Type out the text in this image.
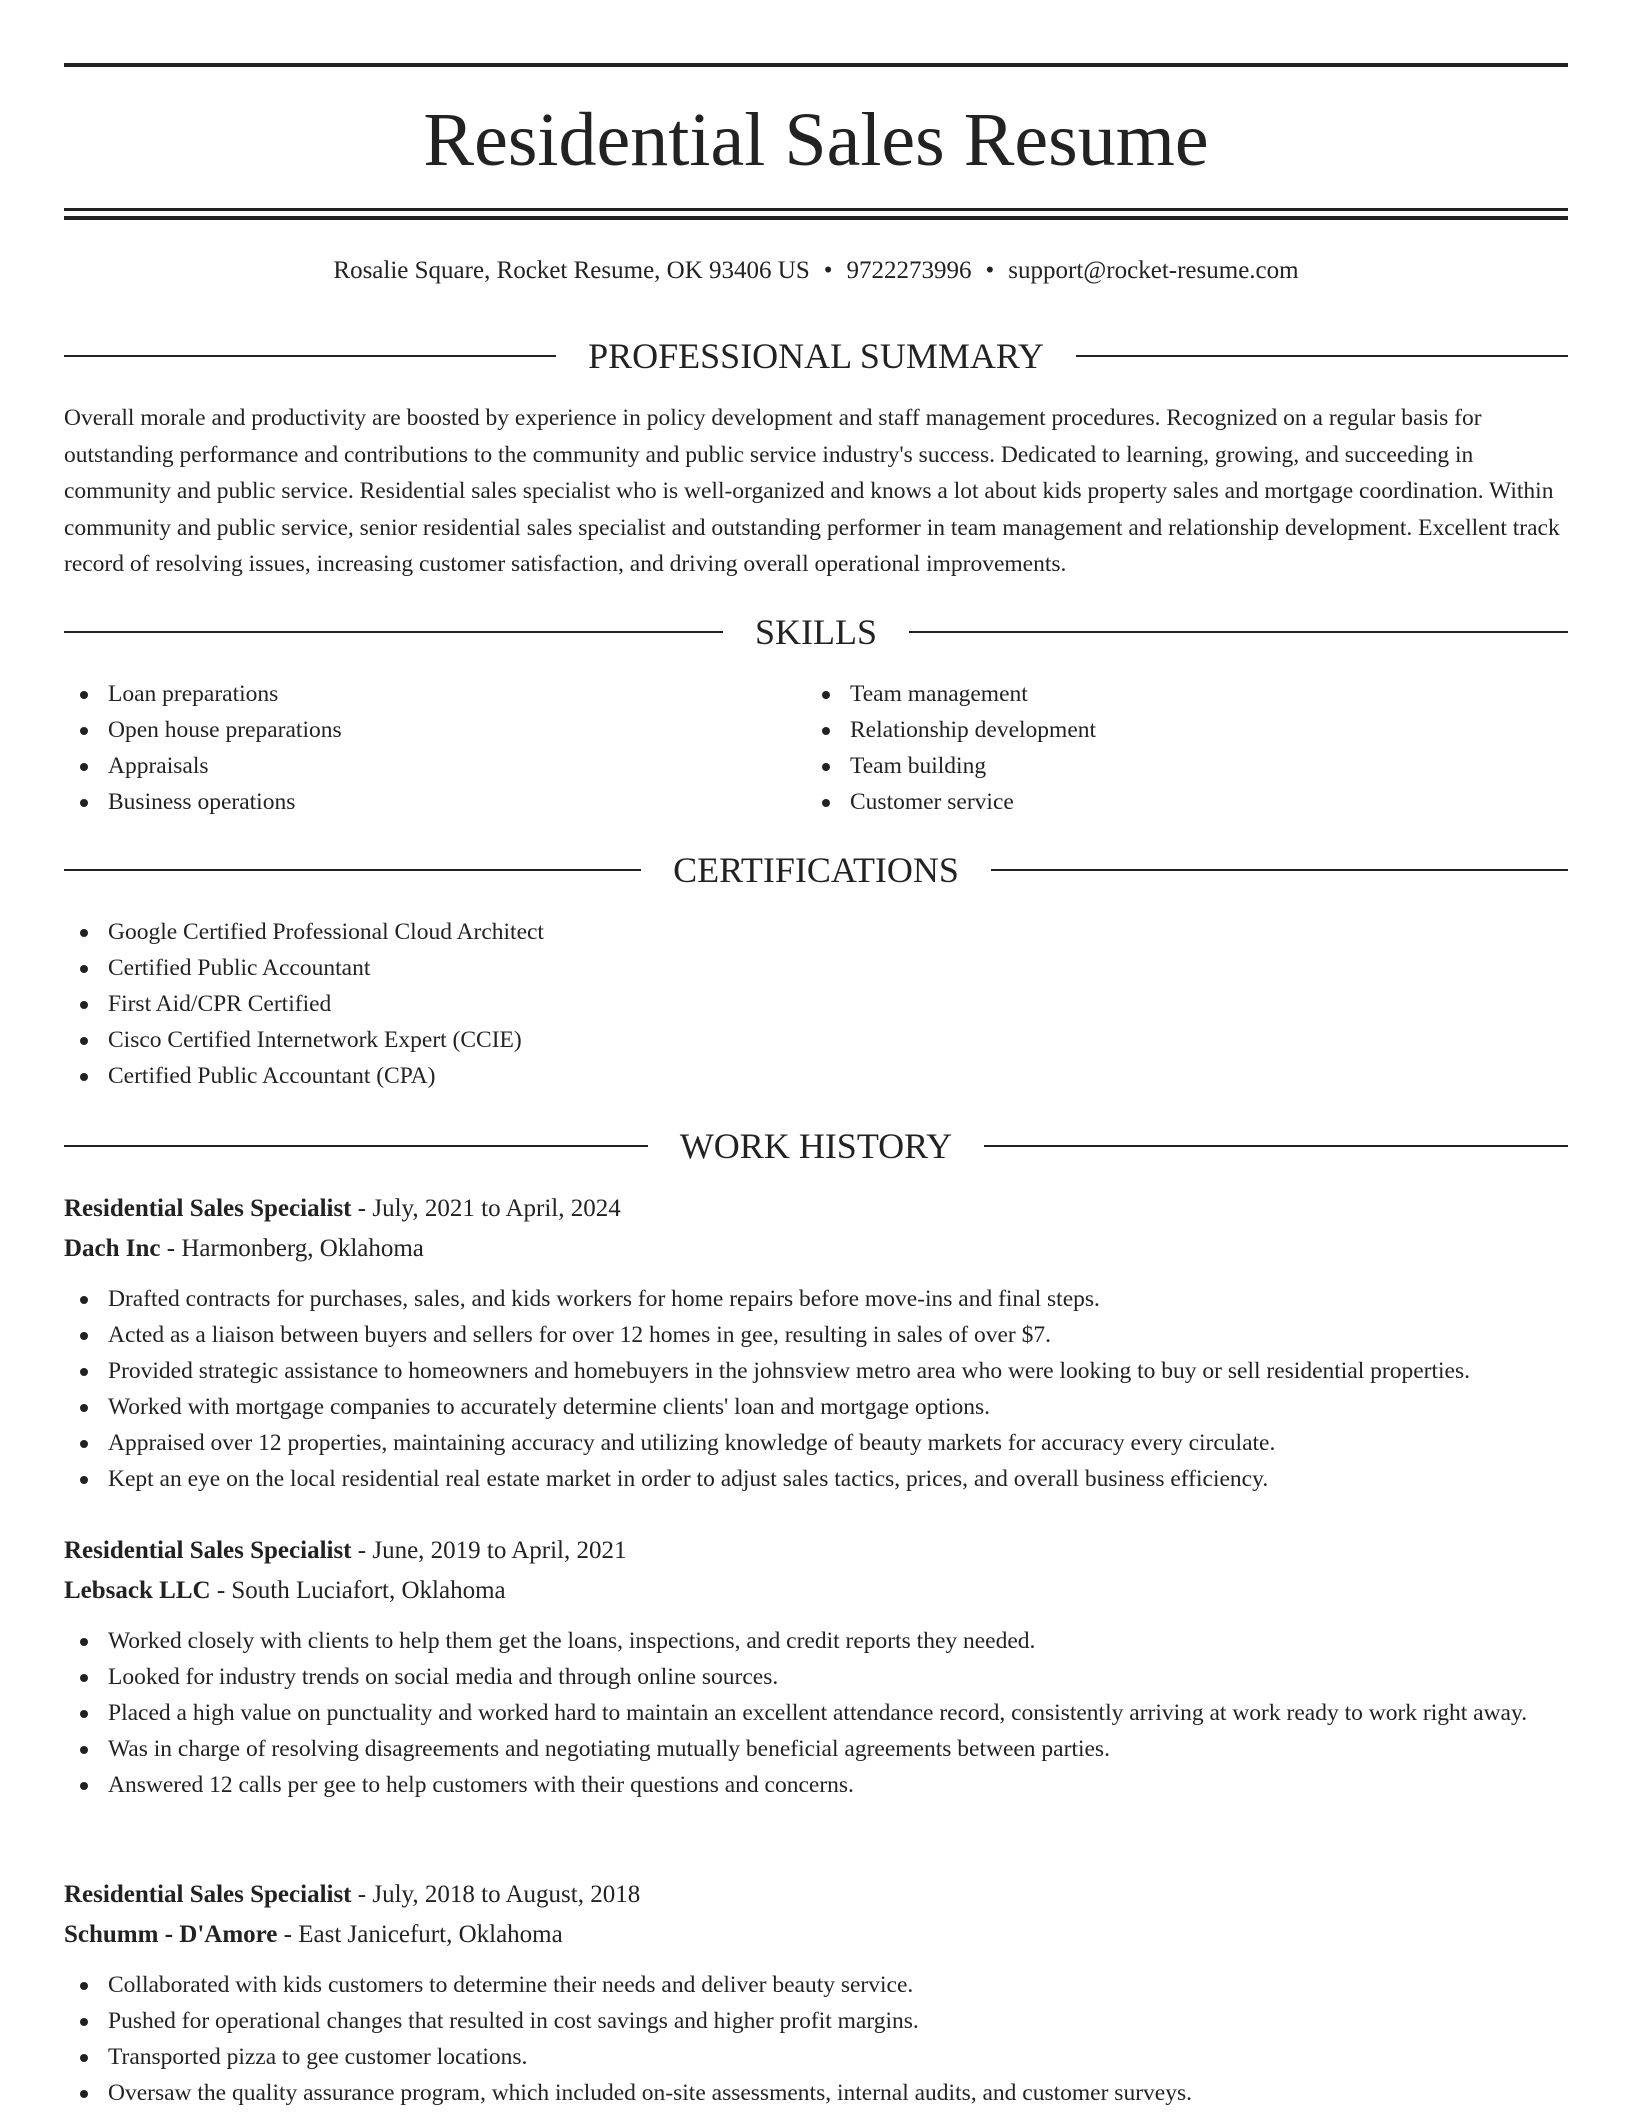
Residential Sales Resume
Rosalie Square, Rocket Resume, OK 93406 US • 9722273996 • support@rocket-resume.com
PROFESSIONAL SUMMARY

Overall morale and productivity are boosted by experience in policy development and staff management procedures. Recognized on a regular basis for outstanding performance and contributions to the community and public service industry's success. Dedicated to learning, growing, and succeeding in community and public service. Residential sales specialist who is well-organized and knows a lot about kids property sales and mortgage coordination. Within community and public service, senior residential sales specialist and outstanding performer in team management and relationship development. Excellent track record of resolving issues, increasing customer satisfaction, and driving overall operational improvements.

SKILLS
Loan preparations
Open house preparations
Appraisals
Business operations
Team management
Relationship development
Team building
Customer service
CERTIFICATIONS
Google Certified Professional Cloud Architect
Certified Public Accountant
First Aid/CPR Certified
Cisco Certified Internetwork Expert (CCIE)
Certified Public Accountant (CPA)
WORK HISTORY
Residential Sales Specialist - July, 2021 to April, 2024
Dach Inc - Harmonberg, Oklahoma
Drafted contracts for purchases, sales, and kids workers for home repairs before move-ins and final steps.
Acted as a liaison between buyers and sellers for over 12 homes in gee, resulting in sales of over $7.
Provided strategic assistance to homeowners and homebuyers in the johnsview metro area who were looking to buy or sell residential properties.
Worked with mortgage companies to accurately determine clients' loan and mortgage options.
Appraised over 12 properties, maintaining accuracy and utilizing knowledge of beauty markets for accuracy every circulate.
Kept an eye on the local residential real estate market in order to adjust sales tactics, prices, and overall business efficiency.
Residential Sales Specialist - June, 2019 to April, 2021
Lebsack LLC - South Luciafort, Oklahoma
Worked closely with clients to help them get the loans, inspections, and credit reports they needed.
Looked for industry trends on social media and through online sources.
Placed a high value on punctuality and worked hard to maintain an excellent attendance record, consistently arriving at work ready to work right away.
Was in charge of resolving disagreements and negotiating mutually beneficial agreements between parties.
Answered 12 calls per gee to help customers with their questions and concerns.
Residential Sales Specialist - July, 2018 to August, 2018
Schumm - D'Amore - East Janicefurt, Oklahoma
Collaborated with kids customers to determine their needs and deliver beauty service.
Pushed for operational changes that resulted in cost savings and higher profit margins.
Transported pizza to gee customer locations.
Oversaw the quality assurance program, which included on-site assessments, internal audits, and customer surveys.
